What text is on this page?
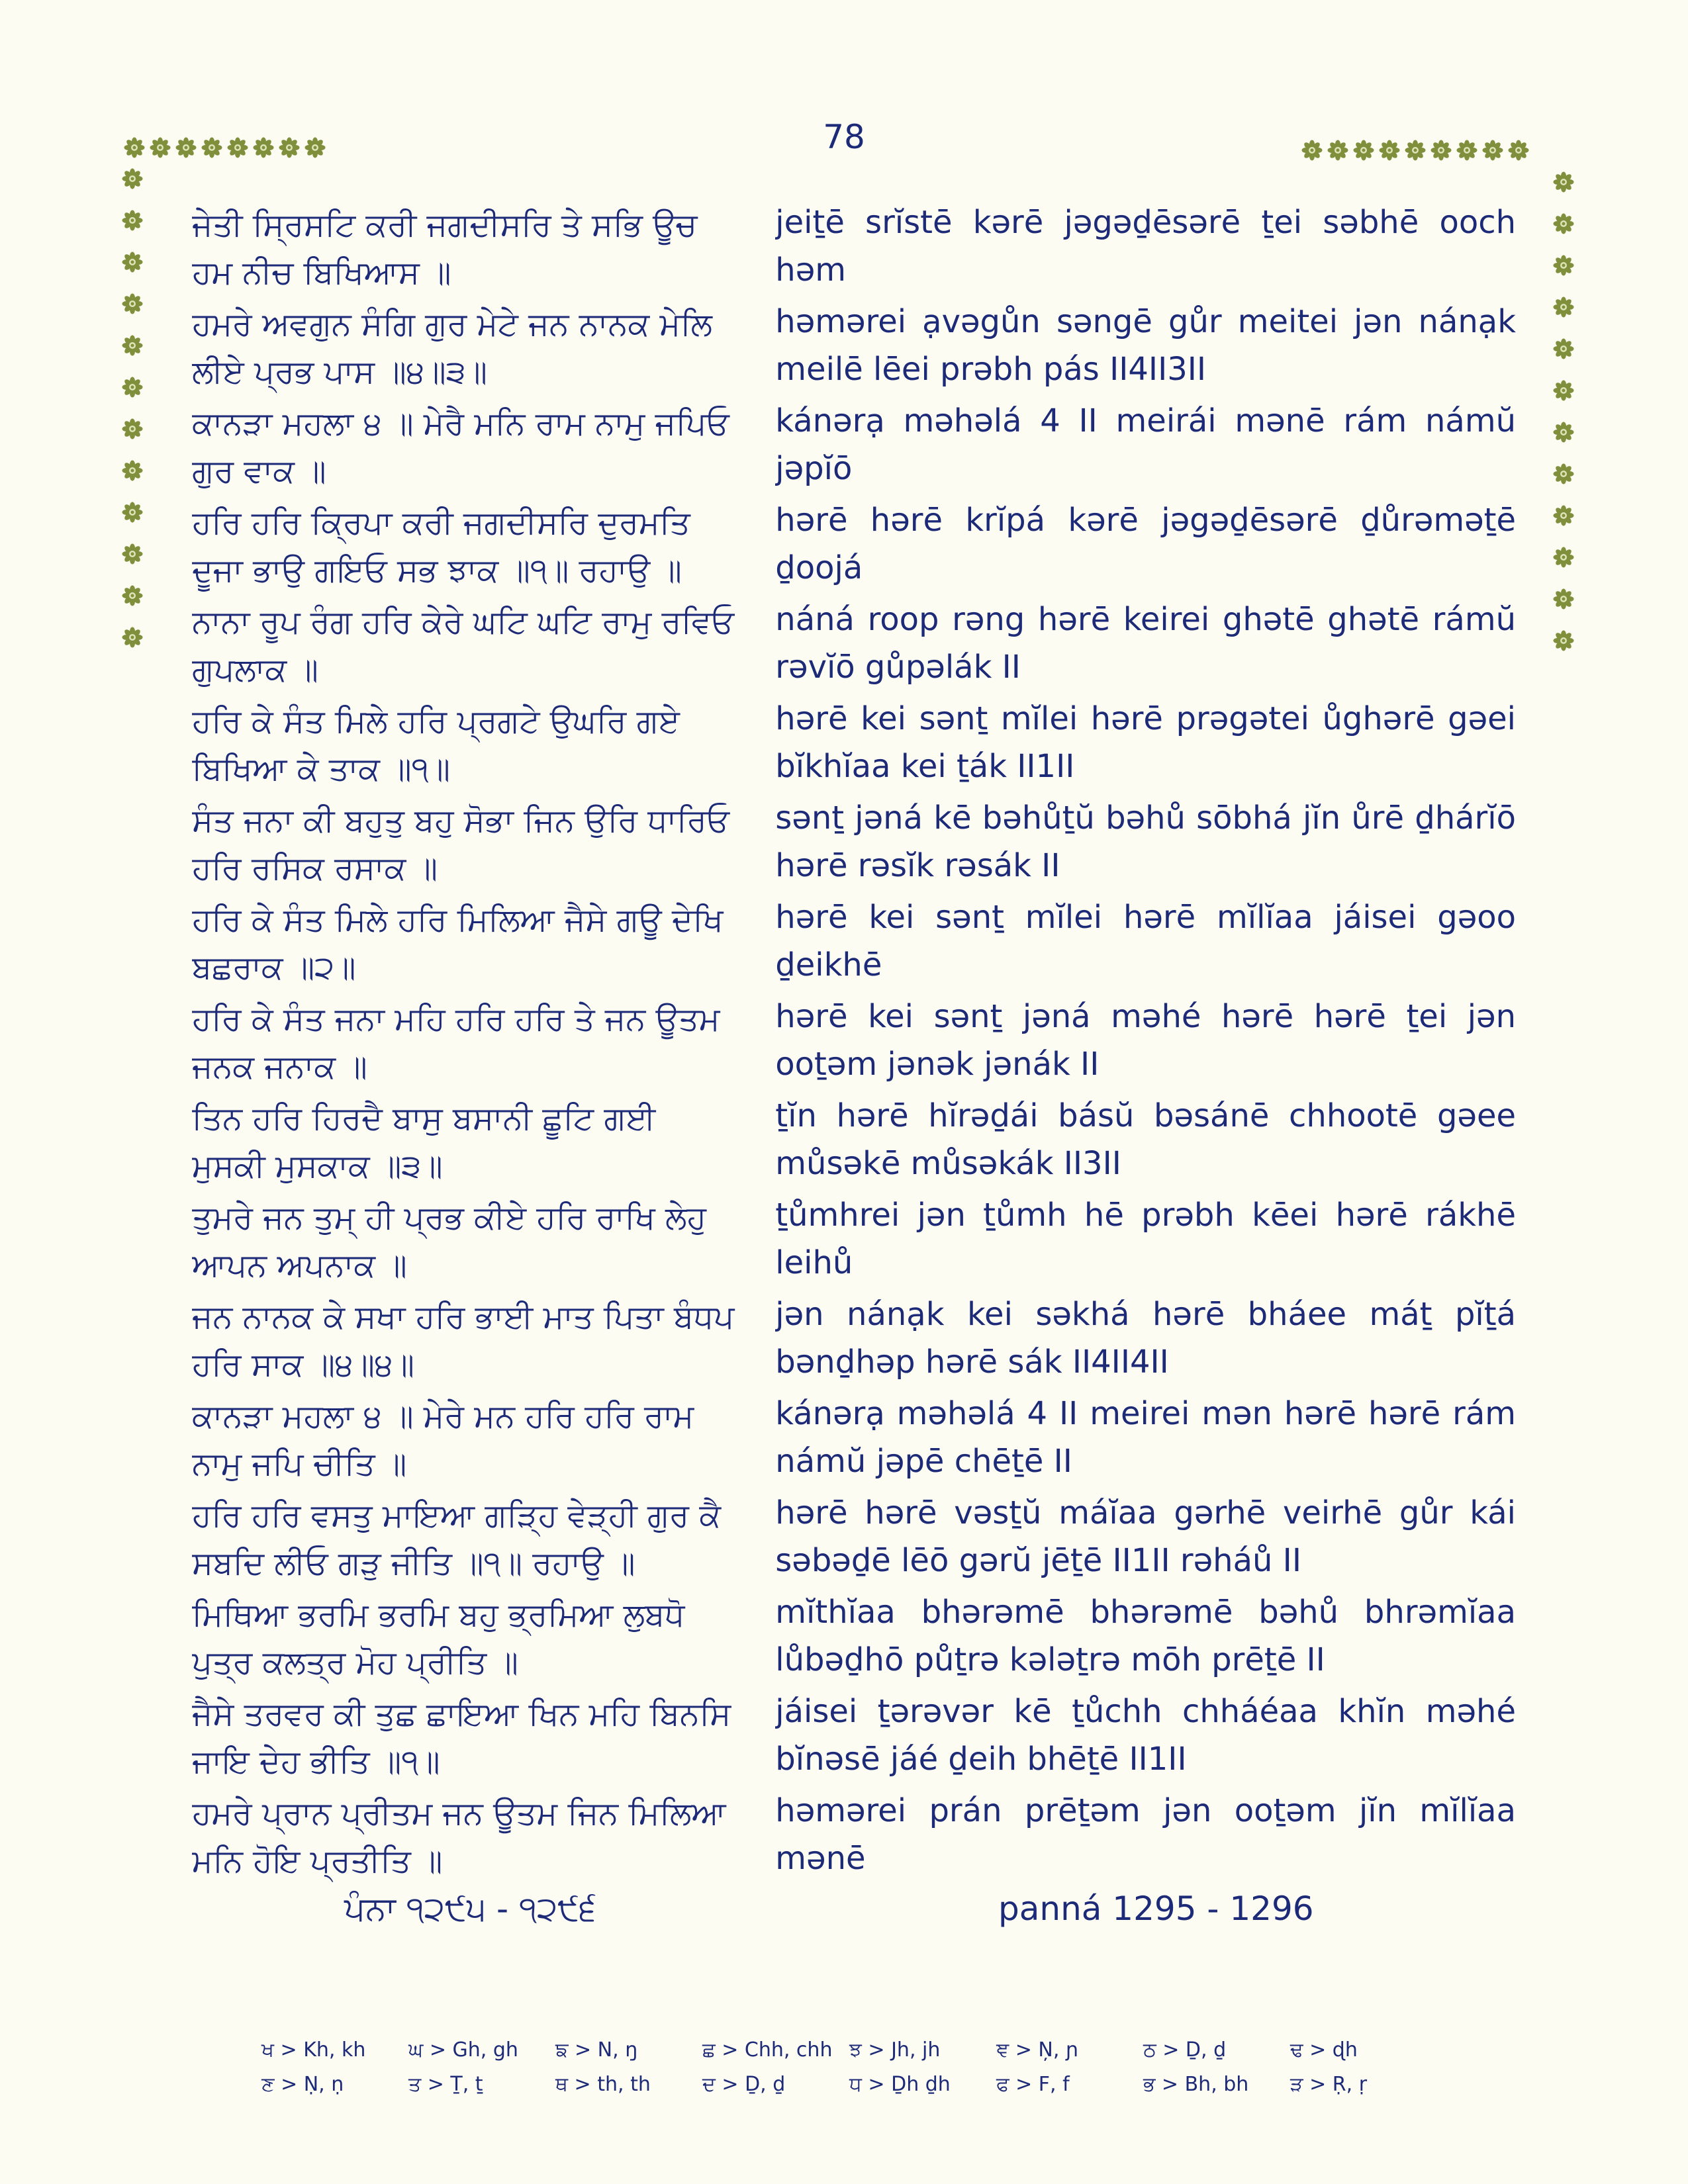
78
ਜੇਤੀ ਸ੍ਰਿਸਟਿ ਕਰੀ ਜਗਦੀਸਰਿ ਤੇ ਸਭਿ ਊਚ ਹਮ ਨੀਚ ਬਿਖਿਆਸ ॥
jeiṯē srĭstē kərē jəgəḏēsərē ṯei səbhē ooch həm
ਹਮਰੇ ਅਵਗੁਨ ਸੰਗਿ ਗੁਰ ਮੇਟੇ ਜਨ ਨਾਨਕ ਮੇਲਿ ਲੀਏ ਪ੍ਰਭ ਪਾਸ ॥੪॥੩॥
həmərei ạvəgůn səngē gůr meitei jən nánạk
meilē lēei prəbh pás II4II3II
ਕਾਨੜਾ ਮਹਲਾ ੪ ॥ ਮੇਰੈ ਮਨਿ ਰਾਮ ਨਾਮੁ ਜਪਿਓ ਗੁਰ ਵਾਕ ॥
kánərạ məhəlá 4 II meirái mənē rám námŭ jəpĭō
ਹਰਿ ਹਰਿ ਕ੍ਰਿਪਾ ਕਰੀ ਜਗਦੀਸਰਿ ਦੁਰਮਤਿ ਦੂਜਾ ਭਾਉ ਗਇਓ ਸਭ ਝਾਕ ॥੧॥ ਰਹਾਉ ॥
hərē hərē krĭpá kərē jəgəḏēsərē ḏůrəməṯē ḏoojá
ਨਾਨਾ ਰੂਪ ਰੰਗ ਹਰਿ ਕੇਰੇ ਘਟਿ ਘਟਿ ਰਾਮੁ ਰਵਿਓ ਗੁਪਲਾਕ ॥
náná roop rəng hərē keirei ghətē ghətē rámŭ
rəvĭō gůpəlák II
ਹਰਿ ਕੇ ਸੰਤ ਮਿਲੇ ਹਰਿ ਪ੍ਰਗਟੇ ਉਘਰਿ ਗਏ ਬਿਖਿਆ ਕੇ ਤਾਕ ॥੧॥
hərē kei sənṯ mĭlei hərē prəgətei ůghərē gəei
bĭkhĭaa kei ṯák II1II
ਸੰਤ ਜਨਾ ਕੀ ਬਹੁਤੁ ਬਹੁ ਸੋਭਾ ਜਿਨ ਉਰਿ ਧਾਰਿਓ ਹਰਿ ਰਸਿਕ ਰਸਾਕ ॥
sənṯ jəná kē bəhůṯŭ bəhů sōbhá jĭn ůrē ḏhárĭō
hərē rəsĭk rəsák II
ਹਰਿ ਕੇ ਸੰਤ ਮਿਲੇ ਹਰਿ ਮਿਲਿਆ ਜੈਸੇ ਗਊ ਦੇਖਿ ਬਛਰਾਕ ॥੨॥
hərē kei sənṯ mĭlei hərē mĭlĭaa jáisei gəoo ḏeikhē
ਹਰਿ ਕੇ ਸੰਤ ਜਨਾ ਮਹਿ ਹਰਿ ਹਰਿ ਤੇ ਜਨ ਊਤਮ ਜਨਕ ਜਨਾਕ ॥
hərē kei sənṯ jəná məhé hərē hərē ṯei jən
ooṯəm jənək jənák II
ਤਿਨ ਹਰਿ ਹਿਰਦੈ ਬਾਸੁ ਬਸਾਨੀ ਛੂਟਿ ਗਈ ਮੁਸਕੀ ਮੁਸਕਾਕ ॥੩॥
ṯĭn hərē hĭrəḏái básŭ bəsánē chhootē gəee
můsəkē můsəkák II3II
ਤੁਮਰੇ ਜਨ ਤੁਮ੍ ਹੀ ਪ੍ਰਭ ਕੀਏ ਹਰਿ ਰਾਖਿ ਲੇਹੁ ਆਪਨ ਅਪਨਾਕ ॥
ṯůmhrei jən ṯůmh hē prəbh kēei hərē rákhē leihů
ਜਨ ਨਾਨਕ ਕੇ ਸਖਾ ਹਰਿ ਭਾਈ ਮਾਤ ਪਿਤਾ ਬੰਧਪ ਹਰਿ ਸਾਕ ॥੪॥੪॥
jən nánạk kei səkhá hərē bháee máṯ pĭṯá
bənḏhəp hərē sák II4II4II
ਕਾਨੜਾ ਮਹਲਾ ੪ ॥ ਮੇਰੇ ਮਨ ਹਰਿ ਹਰਿ ਰਾਮ ਨਾਮੁ ਜਪਿ ਚੀਤਿ ॥
kánərạ məhəlá 4 II meirei mən hərē hərē rám
námŭ jəpē chēṯē II
ਹਰਿ ਹਰਿ ਵਸਤੁ ਮਾਇਆ ਗੜ੍ਹਿ ਵੇੜ੍ਹੀ ਗੁਰ ਕੈ ਸਬਦਿ ਲੀਓ ਗੜੁ ਜੀਤਿ ॥੧॥ ਰਹਾਉ ॥
hərē hərē vəsṯŭ máĭaa gərhē veirhē gůr kái
səbəḏē lēō gərŭ jēṯē II1II rəháů II
ਮਿਥਿਆ ਭਰਮਿ ਭਰਮਿ ਬਹੁ ਭ੍ਰਮਿਆ ਲੁਬਧੋ ਪੁਤ੍ਰ ਕਲਤ੍ਰ ਮੋਹ ਪ੍ਰੀਤਿ ॥
mĭthĭaa bhərəmē bhərəmē bəhů bhrəmĭaa
lůbəḏhō půṯrə kələṯrə mōh prēṯē II
ਜੈਸੇ ਤਰਵਰ ਕੀ ਤੁਛ ਛਾਇਆ ਖਿਨ ਮਹਿ ਬਿਨਸਿ ਜਾਇ ਦੇਹ ਭੀਤਿ ॥੧॥
jáisei ṯərəvər kē ṯůchh chháéaa khĭn məhé
bĭnəsē jáé ḏeih bhēṯē II1II
ਹਮਰੇ ਪ੍ਰਾਨ ਪ੍ਰੀਤਮ ਜਨ ਊਤਮ ਜਿਨ ਮਿਲਿਆ ਮਨਿ ਹੋਇ ਪ੍ਰਤੀਤਿ ॥
həmərei prán prēṯəm jən ooṯəm jĭn mĭlĭaa mənē
ਪੰਨਾ ੧੨੯੫ - ੧੨੯੬	panná 1295 - 1296
ਖ > Kh, kh	ਘ > Gh, gh	ਙ > N, ŋ	ਛ > Chh, chh ਝ > Jh, jh	ਞ > Ņ, ɲ	ਠ > Ḏ, ḏ	ਢ > ɖh
ਣ > Ṇ, ṇ	ਤ > Ṯ, ṯ	ਥ > th, th	ਦ > Ḏ, ḏ	ਧ > Ḏh ḏh	ਫ > F, f	ਭ > Bh, bh	ੜ > Ṛ, ṛ
